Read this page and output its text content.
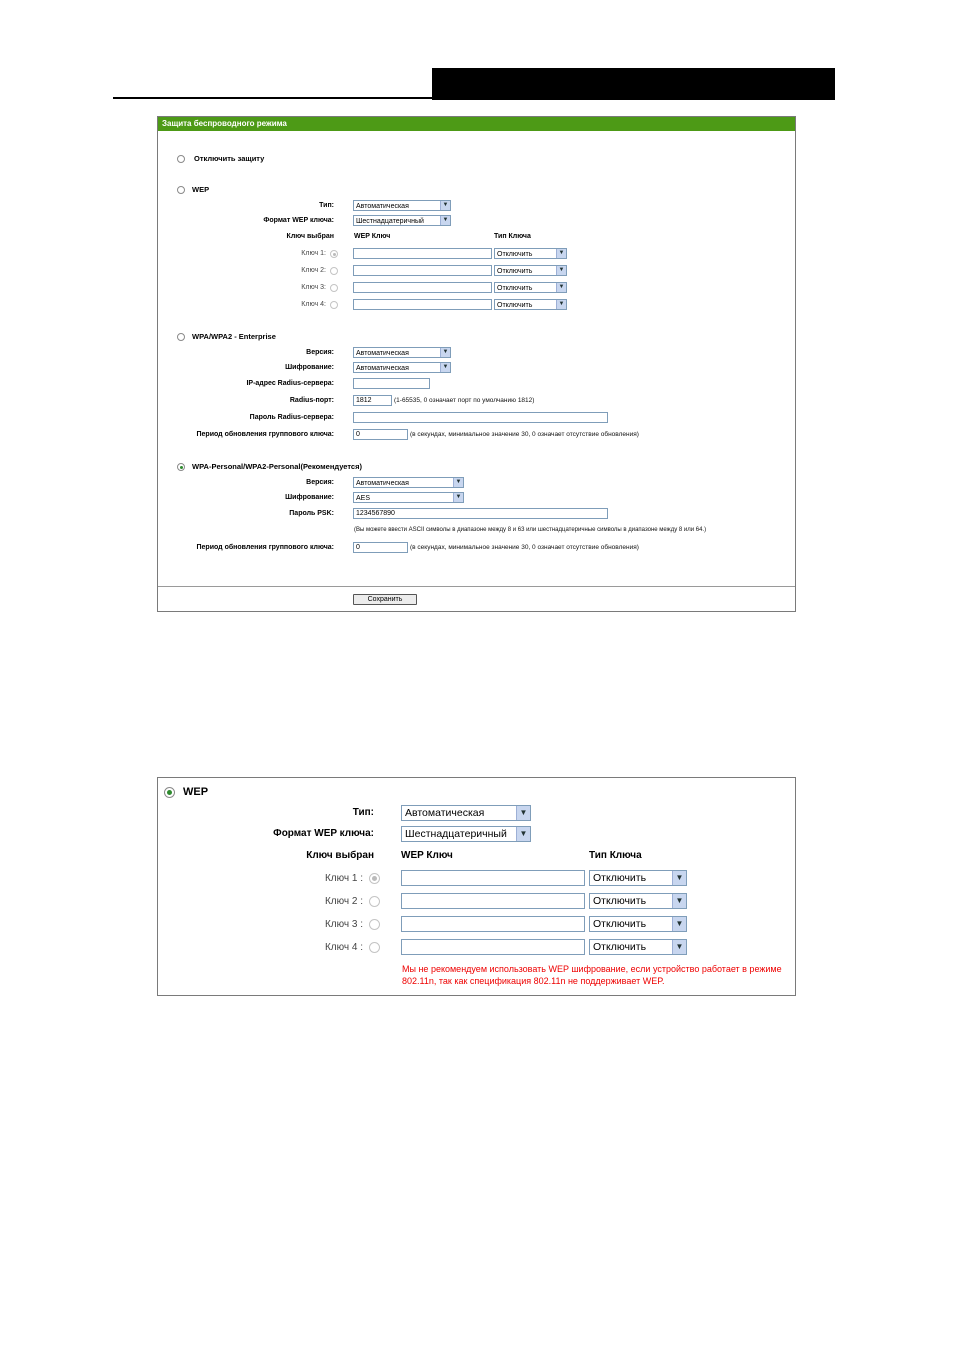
Защита беспроводного режима
Отключить защиту
WEP
Тип:	Автоматическая	▼
Формат WEP ключа:	Шестнадцатеричный	▼
Ключ выбран	WEP Ключ	Тип Ключа
Ключ 1:	Отключить	▼
Ключ 2:	Отключить	▼
Ключ 3:	Отключить	▼
Ключ 4:	Отключить	▼
WPA/WPA2 - Enterprise
Версия:	Автоматическая	▼
Шифрование:	Автоматическая	▼
IP-адрес Radius-сервера:
Radius-порт:	1812	(1-65535, 0 означает порт по умолчанию 1812)
Пароль Radius-сервера:
Период обновления группового ключа:	0	(в секундах, минимальное значение 30, 0 означает отсутствие обновления)
WPA-Personal/WPA2-Personal(Рекомендуется)
Версия:	Автоматическая	▼
Шифрование:	AES	▼
Пароль PSK:	1234567890
(Вы можете ввести ASCII символы в диапазоне между 8 и 63 или шестнадцатеричные символы в диапазоне между 8 или 64.)
Период обновления группового ключа:	0	(в секундах, минимальное значение 30, 0 означает отсутствие обновления)
Сохранить
WEP
Тип:	Автоматическая	▼
Формат WEP ключа:	Шестнадцатеричный	▼
Ключ выбран	WEP Ключ	Тип Ключа
Ключ 1 :	Отключить	▼
Ключ 2 :	Отключить	▼
Ключ 3 :	Отключить	▼
Ключ 4 :	Отключить	▼
Мы не рекомендуем использовать WEP шифрование, если устройство работает в режиме 802.11n, так как спецификация 802.11n не поддерживает WEP.
